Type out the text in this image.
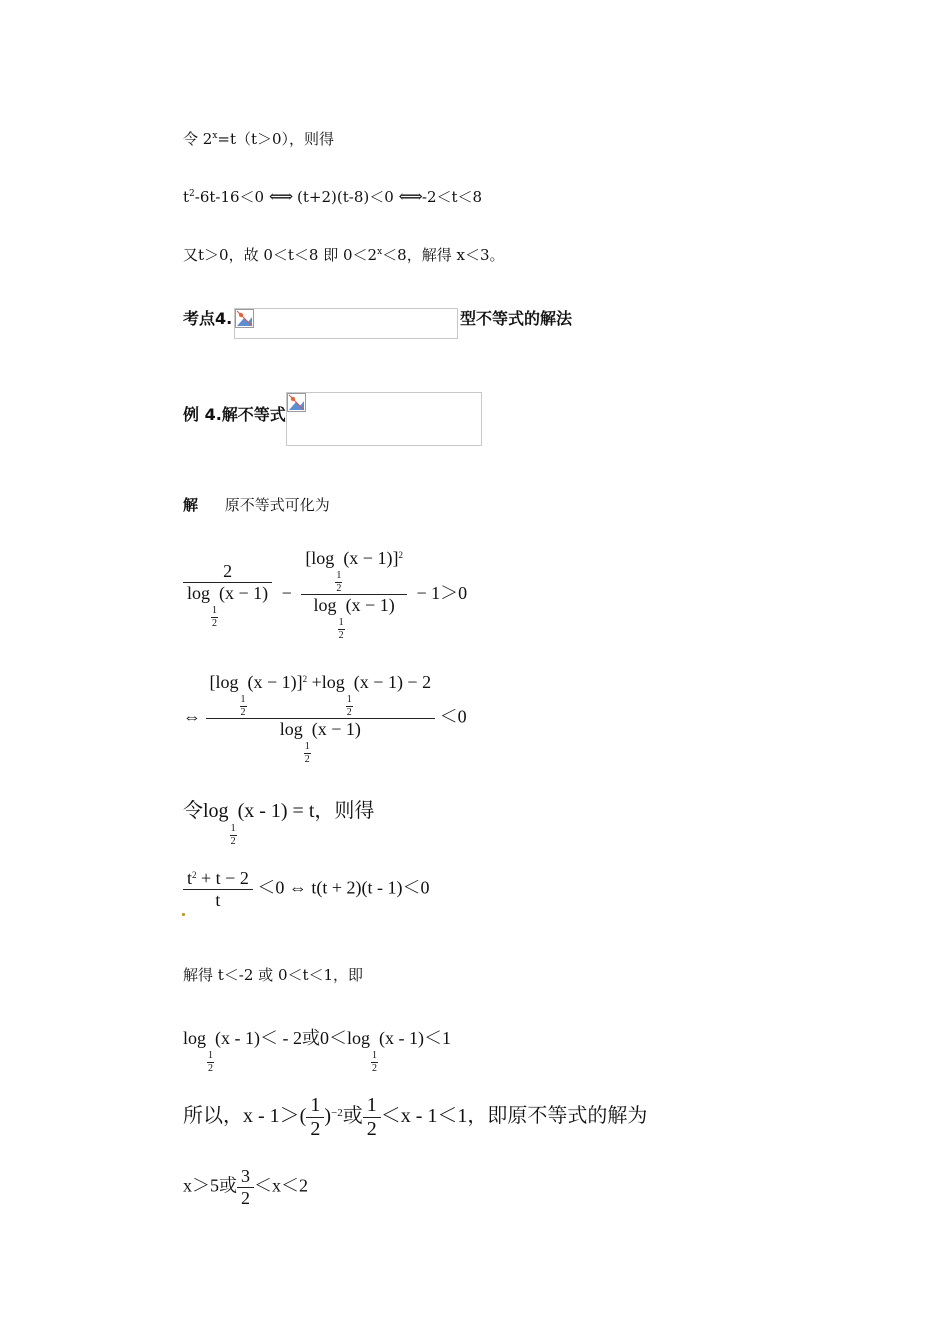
令 $2^x=t(t>0)$，则得
$t^2-6t-16<0$ ⟺ (t+2)(t-8)＜0 ⟺-2＜t＜8
又t＞0，故 0＜t＜8 即 $0<2^x<8$，解得 x＜3。
考点4.	型不等式的解法
例 4.解不等式
解 原不等式可化为
2
log
$\frac{1}{2}$
(x − 1) − [log
$\frac{1}{2}$
(x − 1)]$^2$
log
$\frac{1}{2}$
(x − 1) − 1＞0
⇔ [log
$\frac{1}{2}$
(x − 1)]$^2$ +log
$\frac{1}{2}$
(x − 1) − 2
log
$\frac{1}{2}$
(x − 1) ＜0
令log
$\frac{1}{2}$
(x - 1) = t，则得
$\frac{t^2 + t - 2}{t} <0$ ⇔ t(t + 2)(t - 1)＜0
解得 t＜-2 或 0＜t＜1，即
log
$\frac{1}{2}$
(x - 1)＜ - 2或0＜log
$\frac{1}{2}$
(x - 1)＜1
所以，$x - 1>( \frac{1}{2} )^{-2}$或 $\frac{1}{2} <x - 1<1$，即原不等式的解为
x＞5或 $\frac{3}{2} <x<2$
